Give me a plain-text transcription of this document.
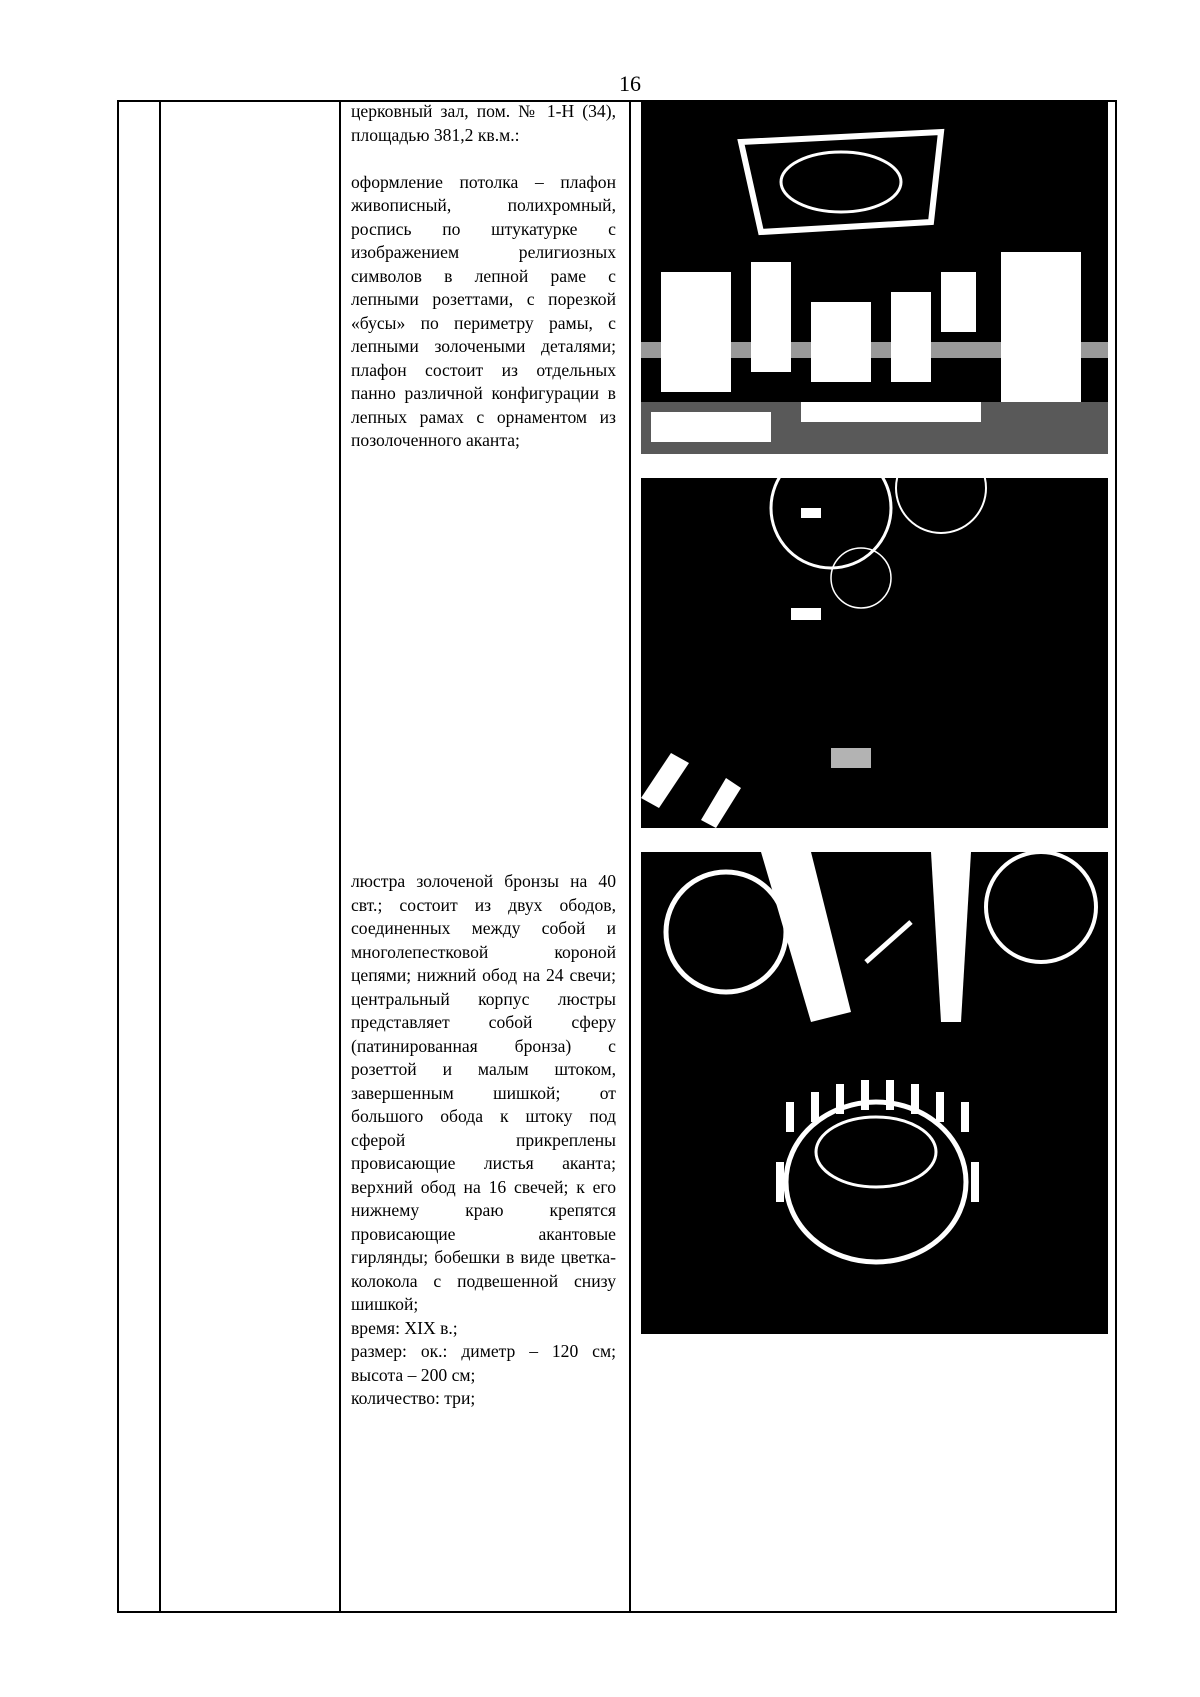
16

церковный зал, пом. № 1-Н (34), площадью 381,2 кв.м.:

оформление потолка – плафон живописный, полихромный, роспись по штукатурке с изображением религиозных символов в лепной раме с лепными розеттами, с порезкой «бусы» по периметру рамы, с лепными золочеными деталями; плафон состоит из отдельных панно различной конфигурации в лепных рамах с орнаментом из позолоченного аканта;

люстра золоченой бронзы на 40 свт.; состоит из двух ободов, соединенных между собой и многолепестковой короной цепями; нижний обод на 24 свечи; центральный корпус люстры представляет собой сферу (патинированная бронза) с розеттой и малым штоком, завершенным шишкой; от большого обода к штоку под сферой прикреплены провисающие листья аканта; верхний обод на 16 свечей; к его нижнему краю крепятся провисающие акантовые гирлянды; бобешки в виде цветка-колокола с подвешенной снизу шишкой;

время: XIX в.;

размер: ок.: диметр – 120 см; высота – 200 см;

количество: три;
